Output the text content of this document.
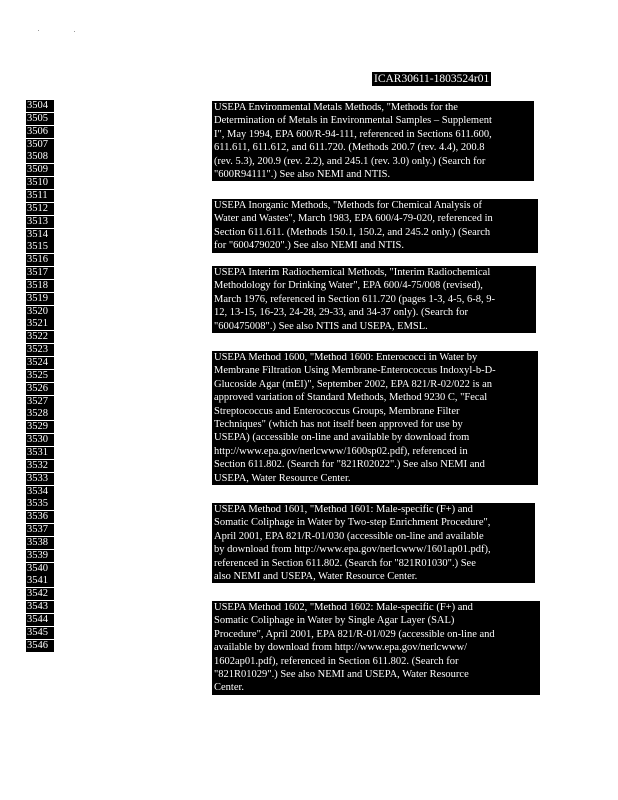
ICAR30611-1803524r01
3504
3505
3506
3507
3508
3509
3510
3511
3512
3513
3514
3515
3516
3517
3518
3519
3520
3521
3522
3523
3524
3525
3526
3527
3528
3529
3530
3531
3532
3533
3534
3535
3536
3537
3538
3539
3540
3541
3542
3543
3544
3545
3546
USEPA Environmental Metals Methods, "Methods for the
Determination of Metals in Environmental Samples – Supplement
I", May 1994, EPA 600/R-94-111, referenced in Sections 611.600,
611.611, 611.612, and 611.720. (Methods 200.7 (rev. 4.4), 200.8
(rev. 5.3), 200.9 (rev. 2.2), and 245.1 (rev. 3.0) only.) (Search for
"600R94111".) See also NEMI and NTIS.
USEPA Inorganic Methods, "Methods for Chemical Analysis of
Water and Wastes", March 1983, EPA 600/4-79-020, referenced in
Section 611.611. (Methods 150.1, 150.2, and 245.2 only.) (Search
for "600479020".) See also NEMI and NTIS.
USEPA Interim Radiochemical Methods, "Interim Radiochemical
Methodology for Drinking Water", EPA 600/4-75/008 (revised),
March 1976, referenced in Section 611.720 (pages 1-3, 4-5, 6-8, 9-
12, 13-15, 16-23, 24-28, 29-33, and 34-37 only). (Search for
"600475008".) See also NTIS and USEPA, EMSL.
USEPA Method 1600, "Method 1600: Enterococci in Water by
Membrane Filtration Using Membrane-Enterococcus Indoxyl-b-D-
Glucoside Agar (mEI)", September 2002, EPA 821/R-02/022 is an
approved variation of Standard Methods, Method 9230 C, "Fecal
Streptococcus and Enterococcus Groups, Membrane Filter
Techniques" (which has not itself been approved for use by
USEPA) (accessible on-line and available by download from
http://www.epa.gov/nerlcwww/1600sp02.pdf), referenced in
Section 611.802. (Search for "821R02022".) See also NEMI and
USEPA, Water Resource Center.
USEPA Method 1601, "Method 1601: Male-specific (F+) and
Somatic Coliphage in Water by Two-step Enrichment Procedure",
April 2001, EPA 821/R-01/030 (accessible on-line and available
by download from http://www.epa.gov/nerlcwww/1601ap01.pdf),
referenced in Section 611.802. (Search for "821R01030".) See
also NEMI and USEPA, Water Resource Center.
USEPA Method 1602, "Method 1602: Male-specific (F+) and
Somatic Coliphage in Water by Single Agar Layer (SAL)
Procedure", April 2001, EPA 821/R-01/029 (accessible on-line and
available by download from http://www.epa.gov/nerlcwww/
1602ap01.pdf), referenced in Section 611.802. (Search for
"821R01029".) See also NEMI and USEPA, Water Resource
Center.
